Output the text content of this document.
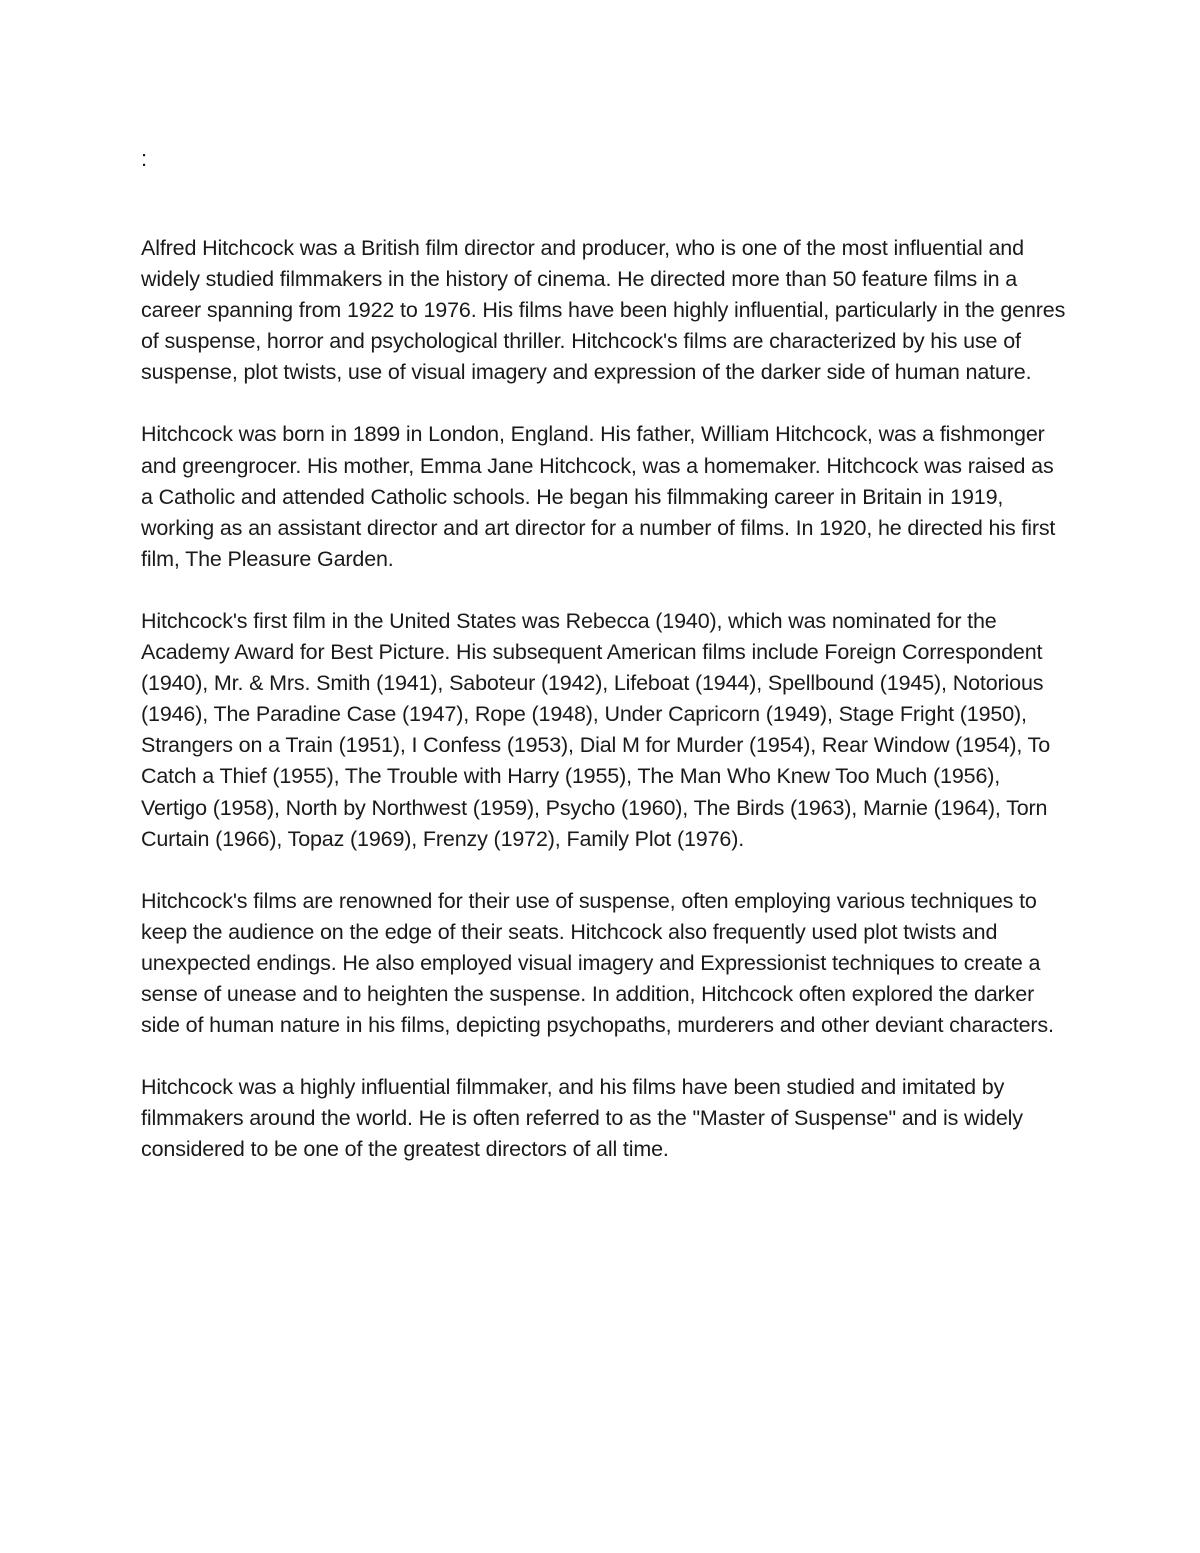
:

Alfred Hitchcock was a British film director and producer, who is one of the most influential and widely studied filmmakers in the history of cinema. He directed more than 50 feature films in a career spanning from 1922 to 1976. His films have been highly influential, particularly in the genres of suspense, horror and psychological thriller. Hitchcock's films are characterized by his use of suspense, plot twists, use of visual imagery and expression of the darker side of human nature.

Hitchcock was born in 1899 in London, England. His father, William Hitchcock, was a fishmonger and greengrocer. His mother, Emma Jane Hitchcock, was a homemaker. Hitchcock was raised as a Catholic and attended Catholic schools. He began his filmmaking career in Britain in 1919, working as an assistant director and art director for a number of films. In 1920, he directed his first film, The Pleasure Garden.

Hitchcock's first film in the United States was Rebecca (1940), which was nominated for the Academy Award for Best Picture. His subsequent American films include Foreign Correspondent (1940), Mr. & Mrs. Smith (1941), Saboteur (1942), Lifeboat (1944), Spellbound (1945), Notorious (1946), The Paradine Case (1947), Rope (1948), Under Capricorn (1949), Stage Fright (1950), Strangers on a Train (1951), I Confess (1953), Dial M for Murder (1954), Rear Window (1954), To Catch a Thief (1955), The Trouble with Harry (1955), The Man Who Knew Too Much (1956), Vertigo (1958), North by Northwest (1959), Psycho (1960), The Birds (1963), Marnie (1964), Torn Curtain (1966), Topaz (1969), Frenzy (1972), Family Plot (1976).

Hitchcock's films are renowned for their use of suspense, often employing various techniques to keep the audience on the edge of their seats. Hitchcock also frequently used plot twists and unexpected endings. He also employed visual imagery and Expressionist techniques to create a sense of unease and to heighten the suspense. In addition, Hitchcock often explored the darker side of human nature in his films, depicting psychopaths, murderers and other deviant characters.

Hitchcock was a highly influential filmmaker, and his films have been studied and imitated by filmmakers around the world. He is often referred to as the "Master of Suspense" and is widely considered to be one of the greatest directors of all time.
